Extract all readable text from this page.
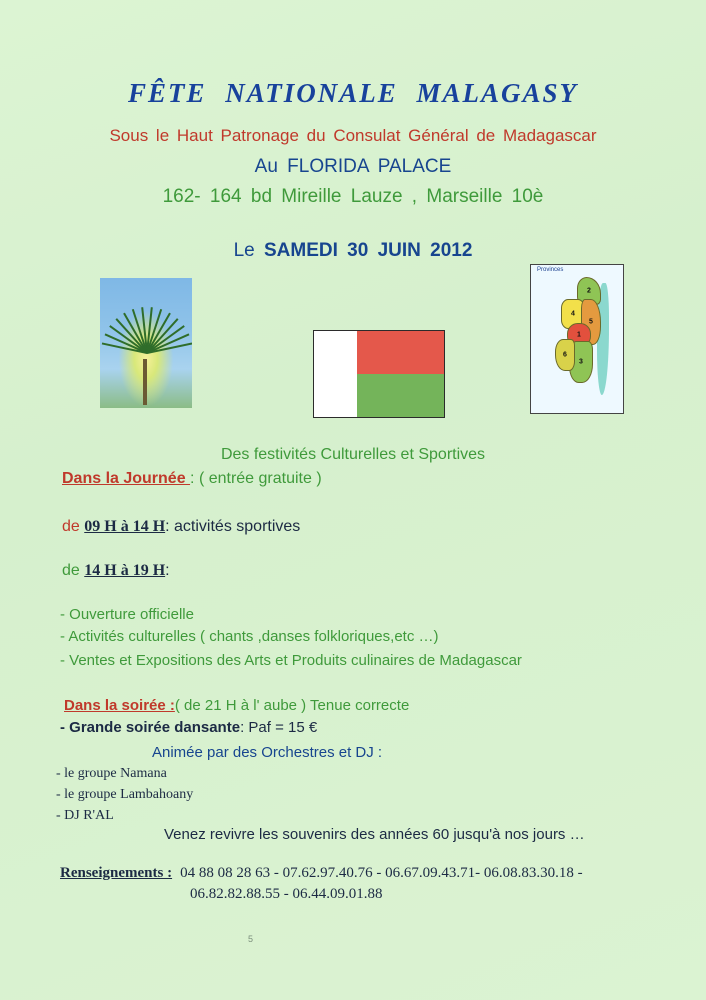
FÊTE NATIONALE MALAGASY
Sous le Haut Patronage du Consulat Général de Madagascar
Au FLORIDA PALACE
162- 164 bd Mireille Lauze , Marseille 10è
Le SAMEDI 30 JUIN 2012
Provinces
2
4
5
1
3
6
Des festivités Culturelles et Sportives
Dans la Journée : ( entrée gratuite )
de 09 H à 14 H: activités sportives
de 14 H à 19 H:
- Ouverture officielle
- Activités culturelles ( chants ,danses folkloriques,etc …)
- Ventes et Expositions des Arts et Produits culinaires de Madagascar
Dans la soirée :( de 21 H à l' aube ) Tenue correcte
- Grande soirée dansante: Paf = 15 €
Animée par des Orchestres et DJ :
- le groupe Namana
- le groupe Lambahoany
- DJ R'AL
Venez revivre les souvenirs des années 60 jusqu'à nos jours …
Renseignements : 04 88 08 28 63 - 07.62.97.40.76 - 06.67.09.43.71- 06.08.83.30.18 -
06.82.82.88.55 - 06.44.09.01.88
5
